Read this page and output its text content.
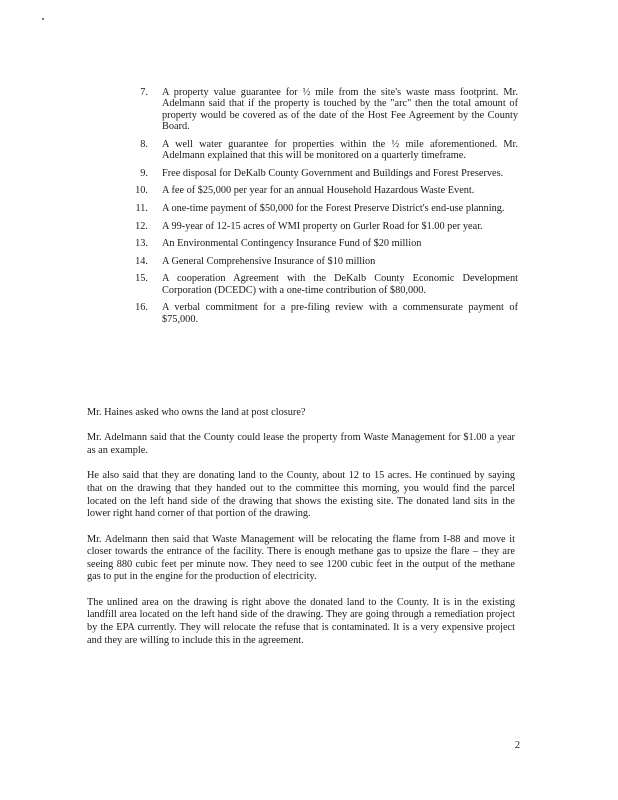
7. A property value guarantee for ½ mile from the site's waste mass footprint. Mr. Adelmann said that if the property is touched by the "arc" then the total amount of property would be covered as of the date of the Host Fee Agreement by the County Board.
8. A well water guarantee for properties within the ½ mile aforementioned. Mr. Adelmann explained that this will be monitored on a quarterly timeframe.
9. Free disposal for DeKalb County Government and Buildings and Forest Preserves.
10. A fee of $25,000 per year for an annual Household Hazardous Waste Event.
11. A one-time payment of $50,000 for the Forest Preserve District's end-use planning.
12. A 99-year of 12-15 acres of WMI property on Gurler Road for $1.00 per year.
13. An Environmental Contingency Insurance Fund of $20 million
14. A General Comprehensive Insurance of $10 million
15. A cooperation Agreement with the DeKalb County Economic Development Corporation (DCEDC) with a one-time contribution of $80,000.
16. A verbal commitment for a pre-filing review with a commensurate payment of $75,000.

Mr. Haines asked who owns the land at post closure?

Mr. Adelmann said that the County could lease the property from Waste Management for $1.00 a year as an example.

He also said that they are donating land to the County, about 12 to 15 acres. He continued by saying that on the drawing that they handed out to the committee this morning, you would find the parcel located on the left hand side of the drawing that shows the existing site. The donated land sits in the lower right hand corner of that portion of the drawing.

Mr. Adelmann then said that Waste Management will be relocating the flame from I-88 and move it closer towards the entrance of the facility. There is enough methane gas to upsize the flare – they are seeing 880 cubic feet per minute now. They need to see 1200 cubic feet in the output of the methane gas to put in the engine for the production of electricity.

The unlined area on the drawing is right above the donated land to the County. It is in the existing landfill area located on the left hand side of the drawing. They are going through a remediation project by the EPA currently. They will relocate the refuse that is contaminated. It is a very expensive project and they are willing to include this in the agreement.

2
